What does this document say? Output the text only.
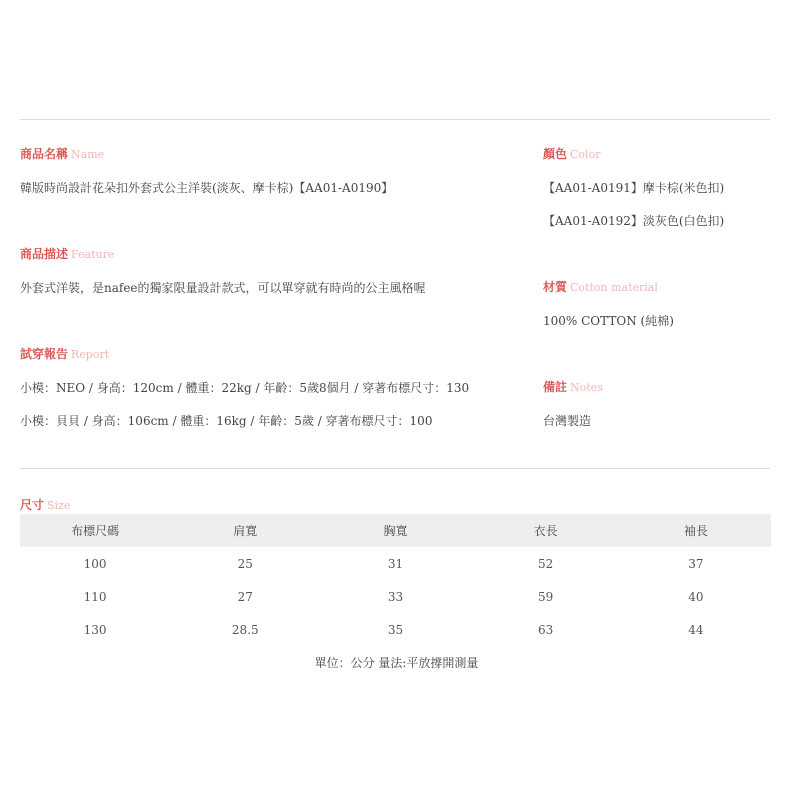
商品名稱 Name
韓版時尚設計花朵扣外套式公主洋裝(淡灰、摩卡棕)【AA01-A0190】
顏色 Color
【AA01-A0191】摩卡棕(米色扣)
【AA01-A0192】淡灰色(白色扣)
商品描述 Feature
外套式洋裝，是nafee的獨家限量設計款式，可以單穿就有時尚的公主風格喔	材質 Cotton material
100% COTTON (純棉)
試穿報告 Report
小模：NEO / 身高：120cm / 體重：22kg / 年齡：5歲8個月 / 穿著布標尺寸：130
小模：貝貝 / 身高：106cm / 體重：16kg / 年齡：5歲 / 穿著布標尺寸：100
備註 Notes
台灣製造
尺寸 Size
布標尺碼	肩寬	胸寬	衣長	袖長
100	25	31	52	37
110	27	33	59	40
130	28.5	35	63	44
單位：公分 量法:平放撐開測量
